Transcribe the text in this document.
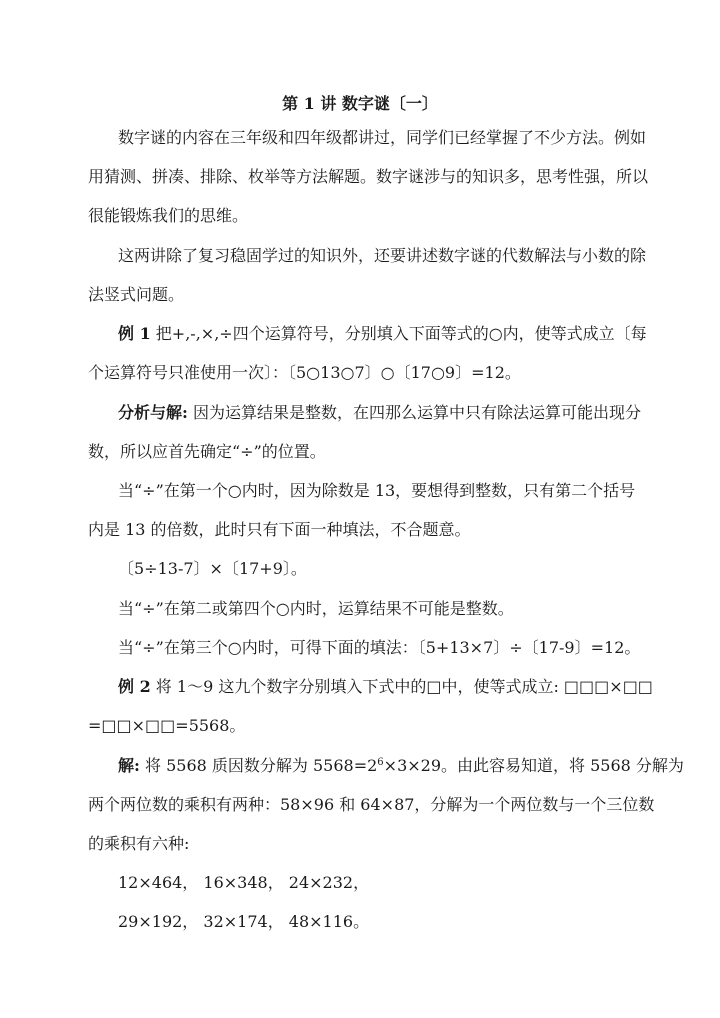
第 1 讲 数字谜〔一〕
数字谜的内容在三年级和四年级都讲过，同学们已经掌握了不少方法。例如
用猜测、拼凑、排除、枚举等方法解题。数字谜涉与的知识多，思考性强，所以
很能锻炼我们的思维。
这两讲除了复习稳固学过的知识外，还要讲述数字谜的代数解法与小数的除
法竖式问题。
例 1 把+,-,×,÷四个运算符号，分别填入下面等式的○内，使等式成立〔每
个运算符号只准使用一次〕：〔5○13○7〕○〔17○9〕=12。
分析与解: 因为运算结果是整数，在四那么运算中只有除法运算可能出现分
数，所以应首先确定“÷”的位置。
当“÷”在第一个○内时，因为除数是 13，要想得到整数，只有第二个括号
内是 13 的倍数，此时只有下面一种填法，不合题意。
〔5÷13-7〕×〔17+9〕。
当“÷”在第二或第四个○内时，运算结果不可能是整数。
当“÷”在第三个○内时，可得下面的填法：〔5+13×7〕÷〔17-9〕=12。
例 2 将 1～9 这九个数字分别填入下式中的□中，使等式成立: □□□×□□
=□□×□□=5568。
解: 将 5568 质因数分解为 $5568=2^6\times 3\times 29$。由此容易知道，将 5568 分解为
两个两位数的乘积有两种：58×96 和 64×87，分解为一个两位数与一个三位数
的乘积有六种:
12×464， 16×348， 24×232，
29×192， 32×174， 48×116。
